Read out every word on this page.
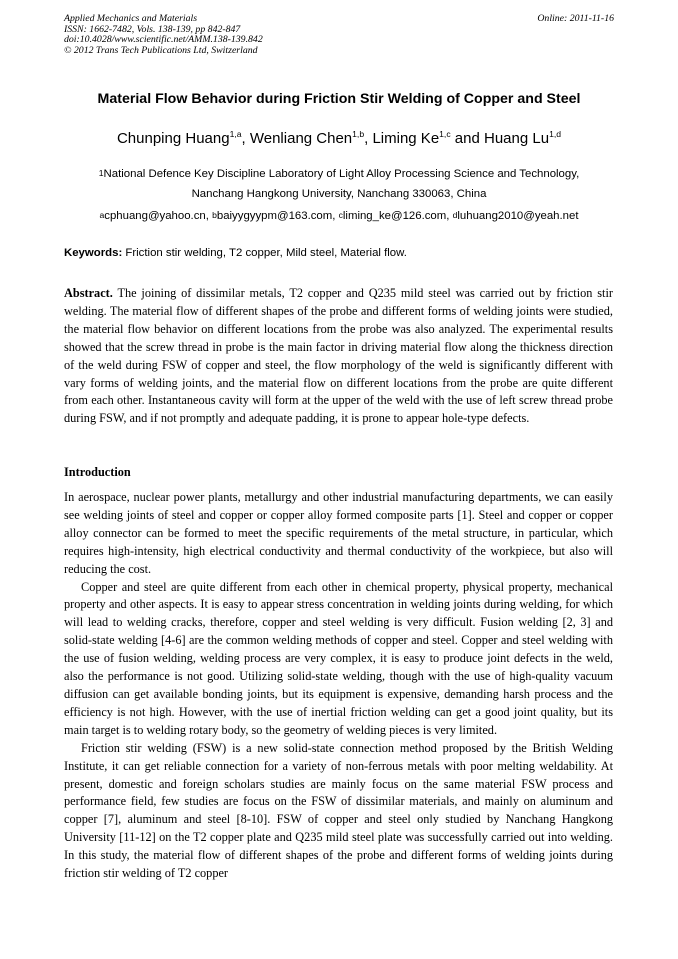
Applied Mechanics and Materials
ISSN: 1662-7482, Vols. 138-139, pp 842-847
doi:10.4028/www.scientific.net/AMM.138-139.842
© 2012 Trans Tech Publications Ltd, Switzerland
Online: 2011-11-16
Material Flow Behavior during Friction Stir Welding of Copper and Steel
Chunping Huang$^{1,a}$, Wenliang Chen$^{1,b}$, Liming Ke$^{1,c}$ and Huang Lu$^{1,d}$
$^1$National Defence Key Discipline Laboratory of Light Alloy Processing Science and Technology,
Nanchang Hangkong University, Nanchang 330063, China
$^a$cphuang@yahoo.cn, $^b$baiyygyypm@163.com, $^c$liming_ke@126.com, $^d$luhuang2010@yeah.net
Keywords: Friction stir welding, T2 copper, Mild steel, Material flow.
Abstract. The joining of dissimilar metals, T2 copper and Q235 mild steel was carried out by friction stir welding. The material flow of different shapes of the probe and different forms of welding joints were studied, the material flow behavior on different locations from the probe was also analyzed. The experimental results showed that the screw thread in probe is the main factor in driving material flow along the thickness direction of the weld during FSW of copper and steel, the flow morphology of the weld is significantly different with vary forms of welding joints, and the material flow on different locations from the probe are quite different from each other. Instantaneous cavity will form at the upper of the weld with the use of left screw thread probe during FSW, and if not promptly and adequate padding, it is prone to appear hole-type defects.
Introduction

In aerospace, nuclear power plants, metallurgy and other industrial manufacturing departments, we can easily see welding joints of steel and copper or copper alloy formed composite parts [1]. Steel and copper or copper alloy connector can be formed to meet the specific requirements of the metal structure, in particular, which requires high-intensity, high electrical conductivity and thermal conductivity of the workpiece, but also will reducing the cost.

Copper and steel are quite different from each other in chemical property, physical property, mechanical property and other aspects. It is easy to appear stress concentration in welding joints during welding, for which will lead to welding cracks, therefore, copper and steel welding is very difficult. Fusion welding [2, 3] and solid-state welding [4-6] are the common welding methods of copper and steel. Copper and steel welding with the use of fusion welding, welding process are very complex, it is easy to produce joint defects in the weld, also the performance is not good. Utilizing solid-state welding, though with the use of high-quality vacuum diffusion can get available bonding joints, but its equipment is expensive, demanding harsh process and the efficiency is not high. However, with the use of inertial friction welding can get a good joint quality, but its main target is to welding rotary body, so the geometry of welding pieces is very limited.

Friction stir welding (FSW) is a new solid-state connection method proposed by the British Welding Institute, it can get reliable connection for a variety of non-ferrous metals with poor melting weldability. At present, domestic and foreign scholars studies are mainly focus on the same material FSW process and performance field, few studies are focus on the FSW of dissimilar materials, and mainly on aluminum and copper [7], aluminum and steel [8-10]. FSW of copper and steel only studied by Nanchang Hangkong University [11-12] on the T2 copper plate and Q235 mild steel plate was successfully carried out into welding. In this study, the material flow of different shapes of the probe and different forms of welding joints during friction stir welding of T2 copper
